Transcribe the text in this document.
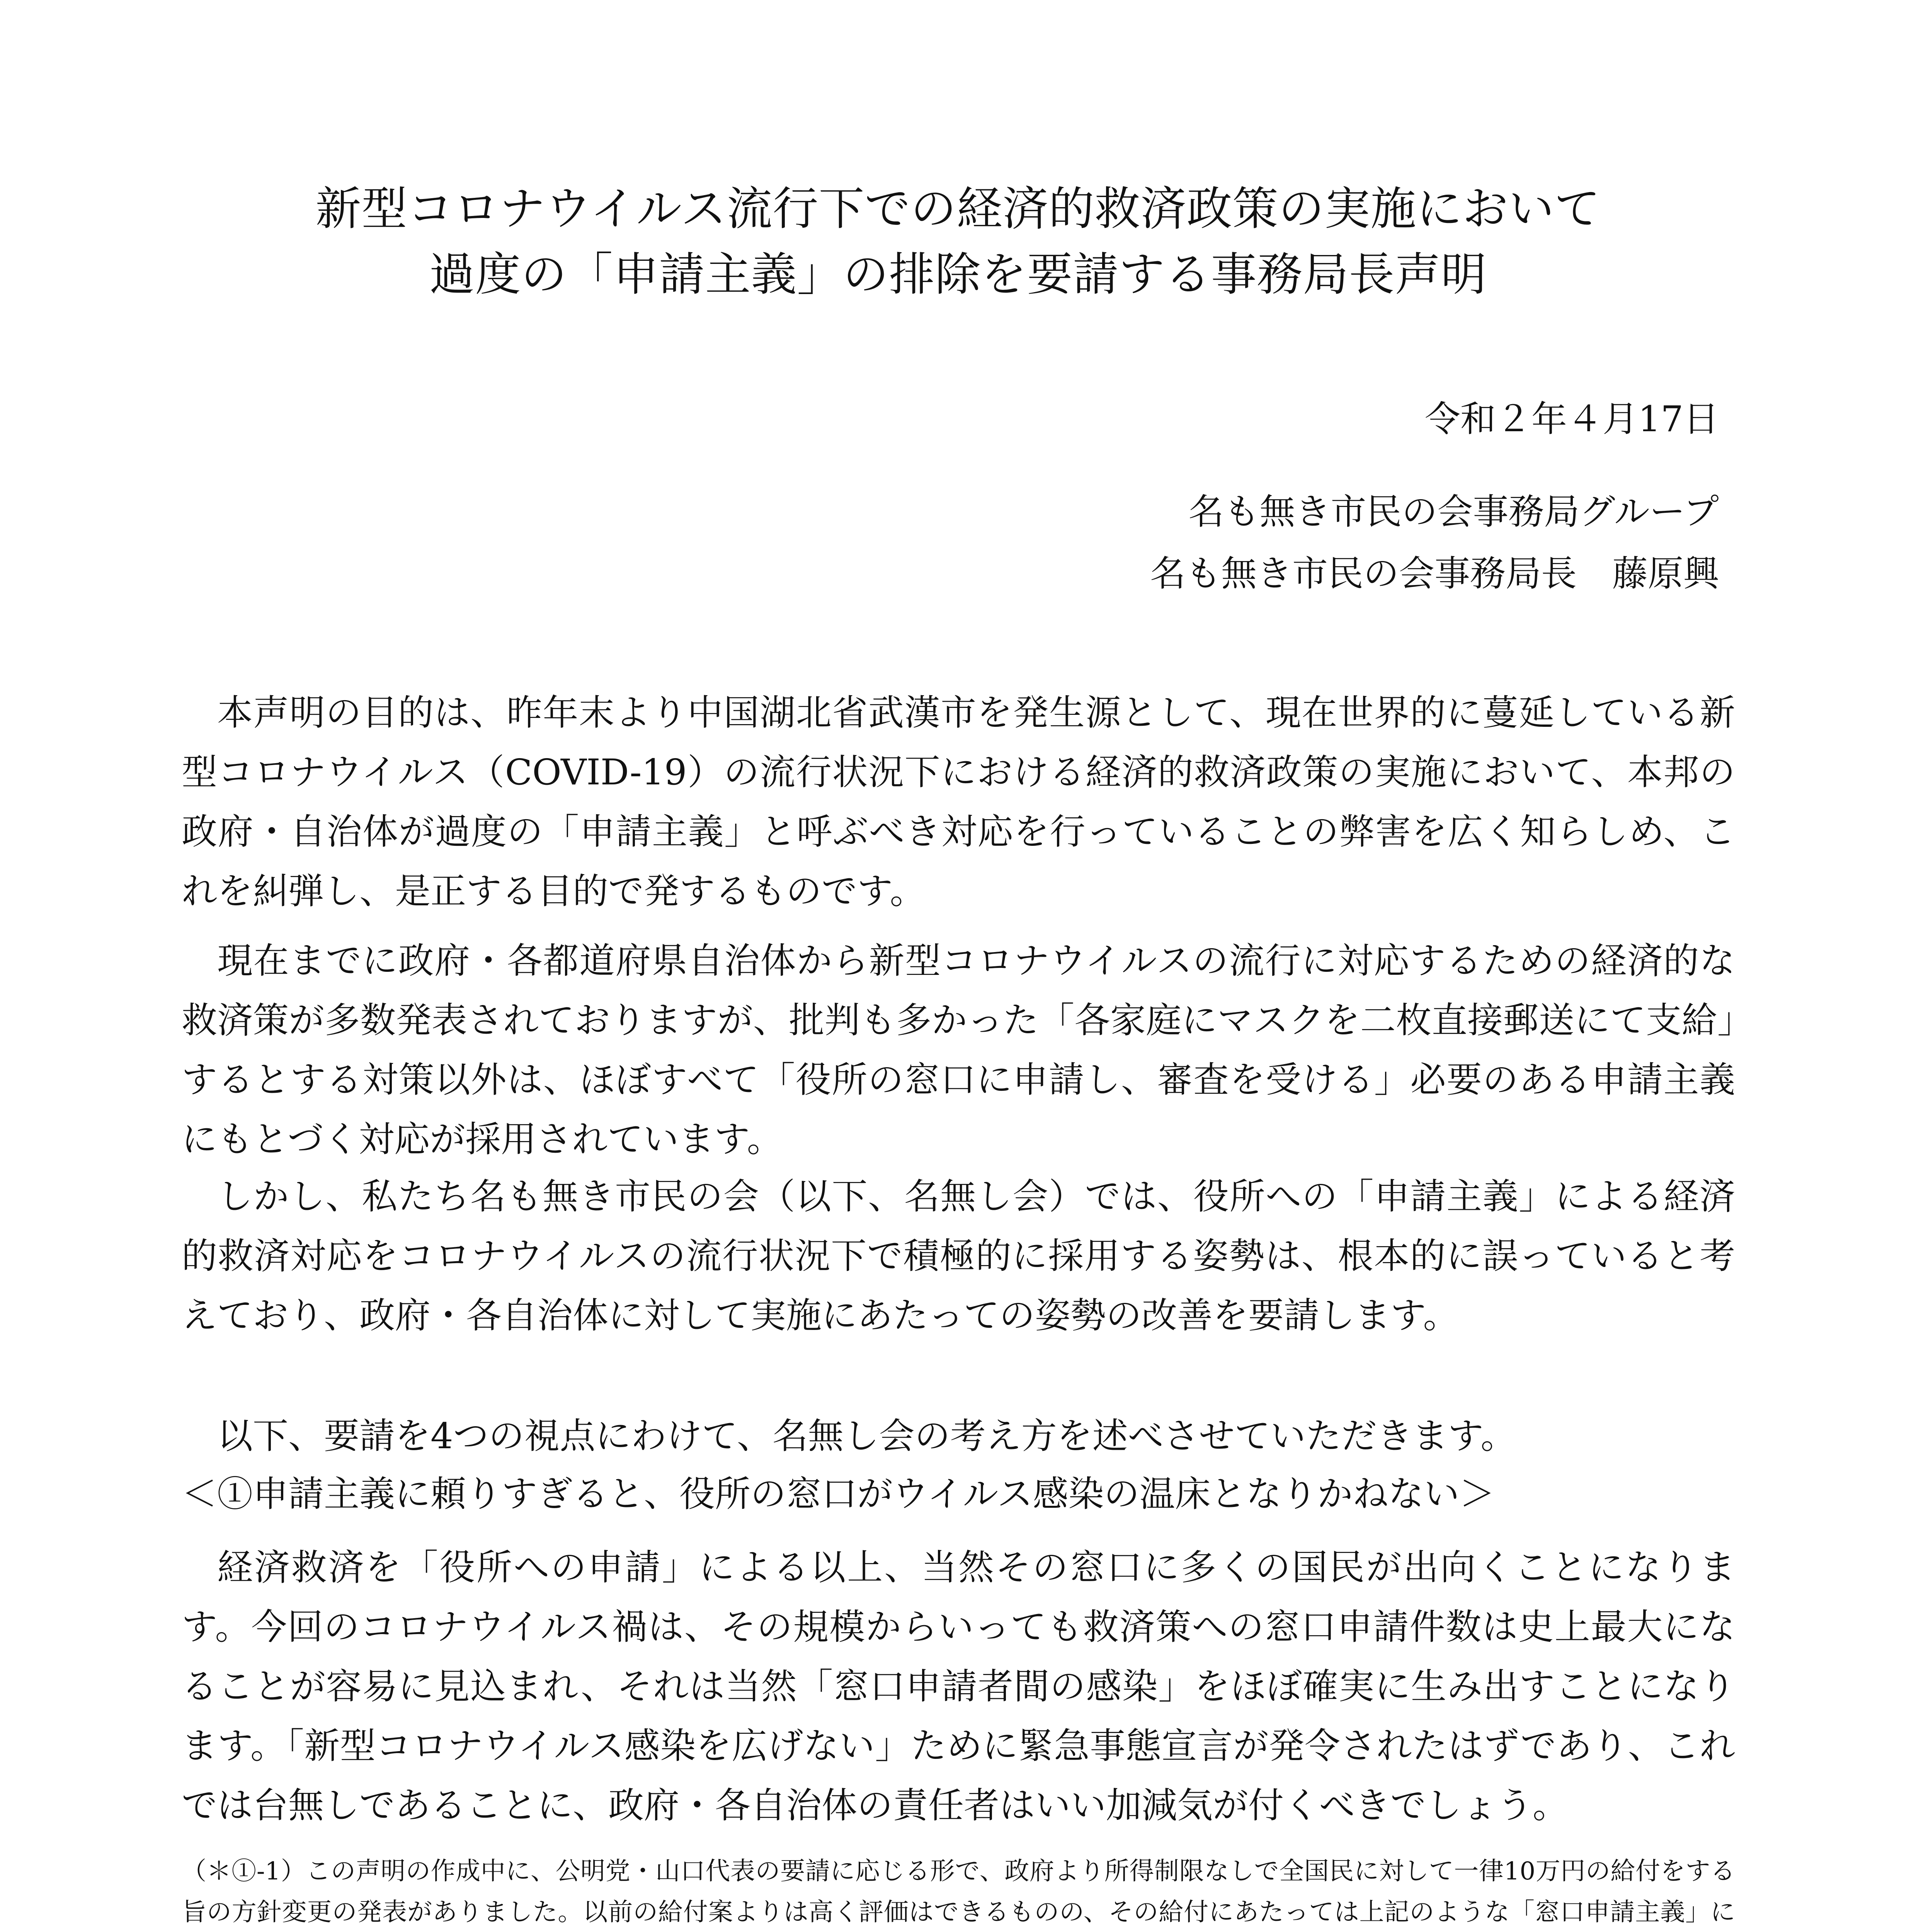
新型コロナウイルス流行下での経済的救済政策の実施において
過度の「申請主義」の排除を要請する事務局長声明
令和２年４月17日
名も無き市民の会事務局グループ
名も無き市民の会事務局長　藤原興

本声明の目的は、昨年末より中国湖北省武漢市を発生源として、現在世界的に蔓延している新型コロナウイルス（COVID-19）の流行状況下における経済的救済政策の実施において、本邦の政府・自治体が過度の「申請主義」と呼ぶべき対応を行っていることの弊害を広く知らしめ、これを糾弾し、是正する目的で発するものです。

現在までに政府・各都道府県自治体から新型コロナウイルスの流行に対応するための経済的な救済策が多数発表されておりますが、批判も多かった「各家庭にマスクを二枚直接郵送にて支給」するとする対策以外は、ほぼすべて「役所の窓口に申請し、審査を受ける」必要のある申請主義にもとづく対応が採用されています。

しかし、私たち名も無き市民の会（以下、名無し会）では、役所への「申請主義」による経済的救済対応をコロナウイルスの流行状況下で積極的に採用する姿勢は、根本的に誤っていると考えており、政府・各自治体に対して実施にあたっての姿勢の改善を要請します。

以下、要請を4つの視点にわけて、名無し会の考え方を述べさせていただきます。

＜①申請主義に頼りすぎると、役所の窓口がウイルス感染の温床となりかねない＞

経済救済を「役所への申請」による以上、当然その窓口に多くの国民が出向くことになります。今回のコロナウイルス禍は、その規模からいっても救済策への窓口申請件数は史上最大になることが容易に見込まれ、それは当然「窓口申請者間の感染」をほぼ確実に生み出すことになります。「新型コロナウイルス感染を広げない」ために緊急事態宣言が発令されたはずであり、これでは台無しであることに、政府・各自治体の責任者はいい加減気が付くべきでしょう。

（＊①-1）この声明の作成中に、公明党・山口代表の要請に応じる形で、政府より所得制限なしで全国民に対して一律10万円の給付をする旨の方針変更の発表がありました。以前の給付案よりは高く評価はできるものの、その給付にあたっては上記のような「窓口申請主義」に
